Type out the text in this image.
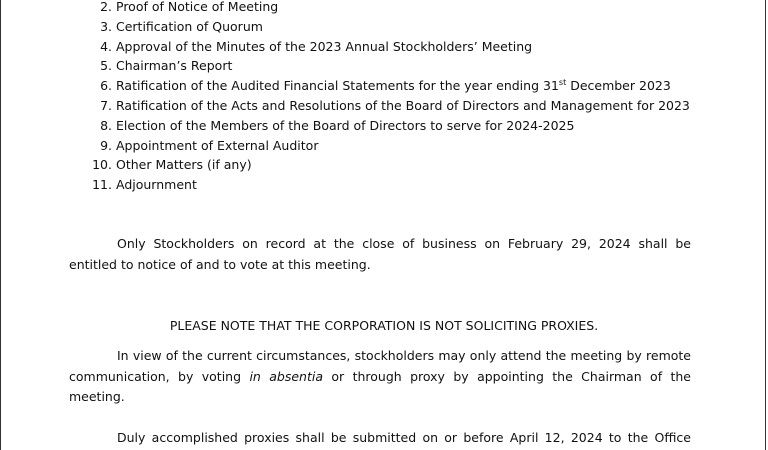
2. Proof of Notice of Meeting
3. Certification of Quorum
4. Approval of the Minutes of the 2023 Annual Stockholders’ Meeting
5. Chairman’s Report
6. Ratification of the Audited Financial Statements for the year ending 31st December 2023
7. Ratification of the Acts and Resolutions of the Board of Directors and Management for 2023
8. Election of the Members of the Board of Directors to serve for 2024-2025
9. Appointment of External Auditor
10. Other Matters (if any)
11. Adjournment

Only Stockholders on record at the close of business on February 29, 2024 shall be
entitled to notice of and to vote at this meeting.

PLEASE NOTE THAT THE CORPORATION IS NOT SOLICITING PROXIES.

In view of the current circumstances, stockholders may only attend the meeting by remote
communication, by voting in absentia or through proxy by appointing the Chairman of the
meeting.

Duly accomplished proxies shall be submitted on or before April 12, 2024 to the Office
